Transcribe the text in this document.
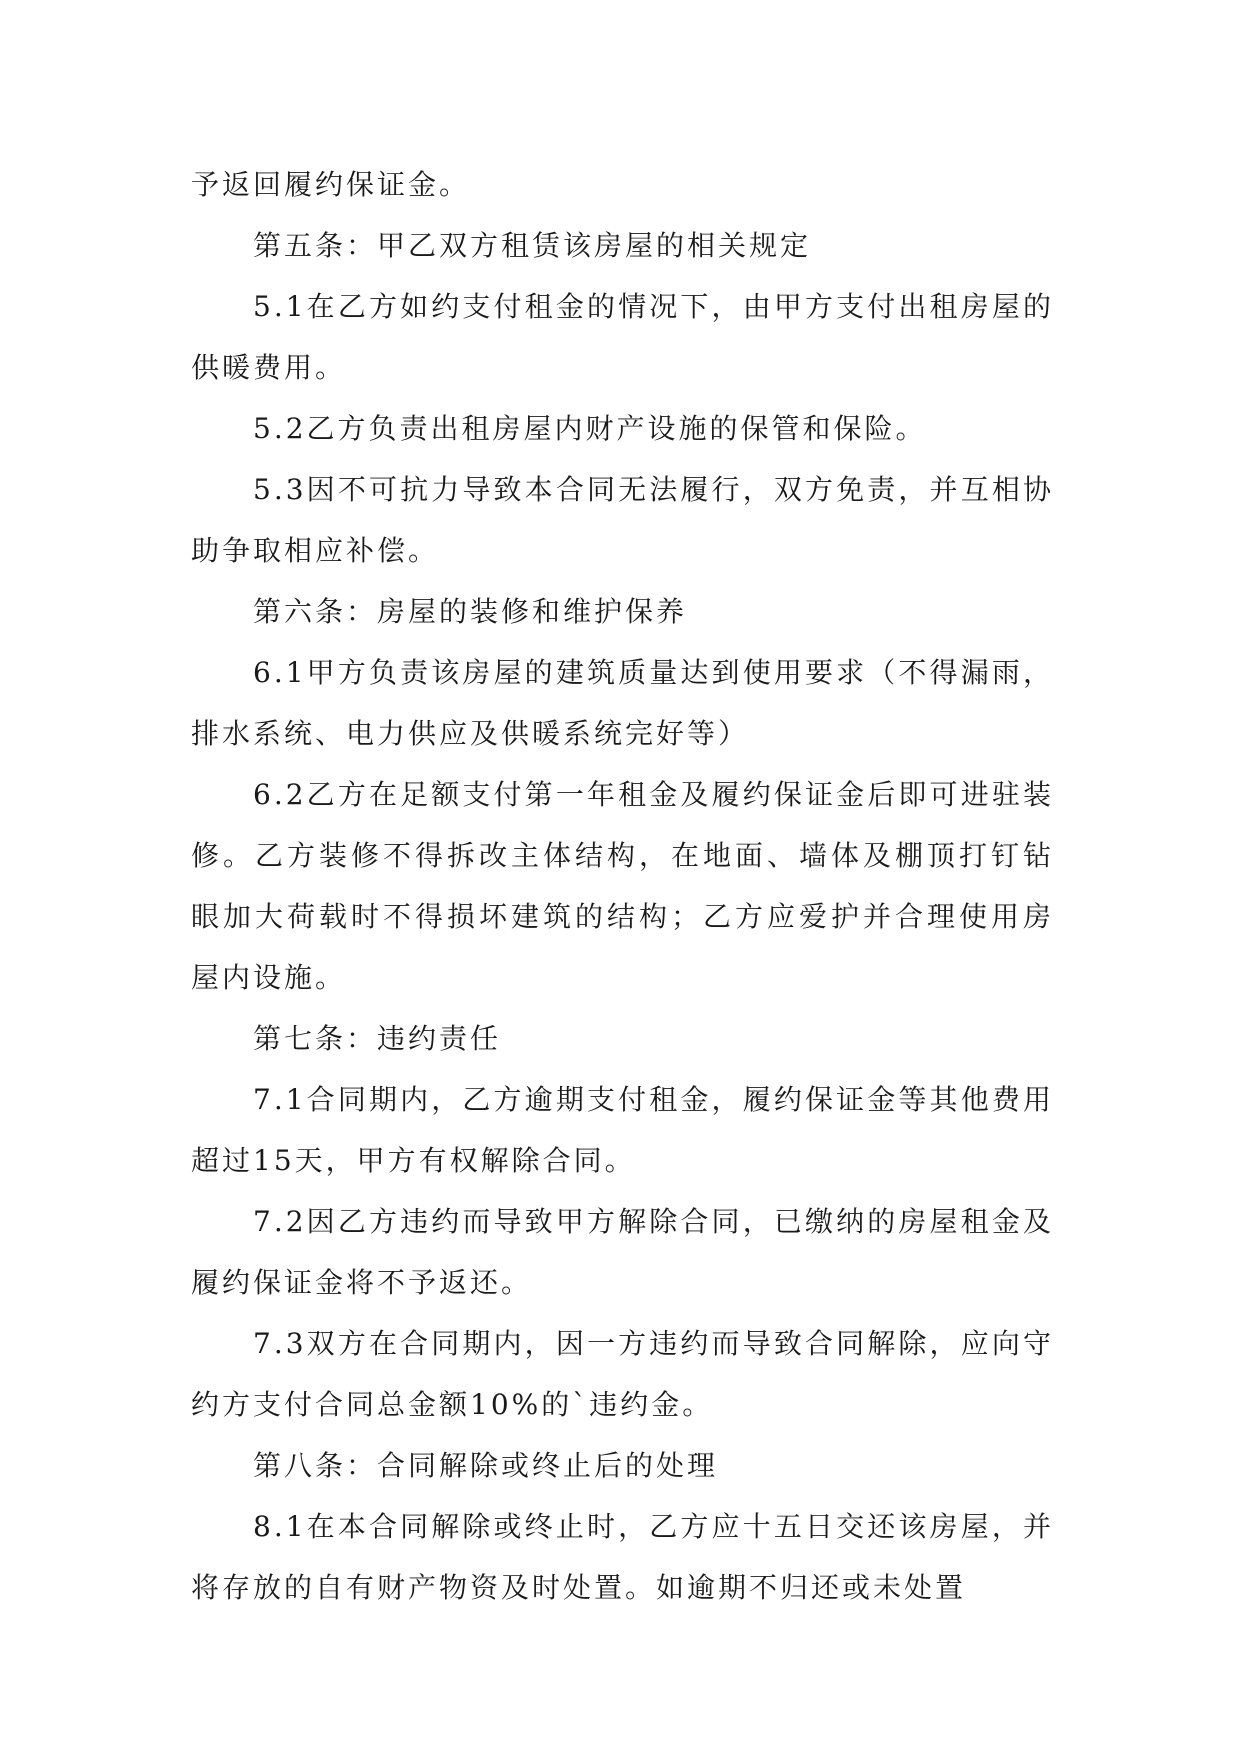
予返回履约保证金。

第五条：甲乙双方租赁该房屋的相关规定

5.1在乙方如约支付租金的情况下，由甲方支付出租房屋的供暖费用。

5.2乙方负责出租房屋内财产设施的保管和保险。

5.3因不可抗力导致本合同无法履行，双方免责，并互相协助争取相应补偿。

第六条：房屋的装修和维护保养

6.1甲方负责该房屋的建筑质量达到使用要求（不得漏雨，排水系统、电力供应及供暖系统完好等）

6.2乙方在足额支付第一年租金及履约保证金后即可进驻装修。乙方装修不得拆改主体结构，在地面、墙体及棚顶打钉钻眼加大荷载时不得损坏建筑的结构；乙方应爱护并合理使用房屋内设施。

第七条：违约责任

7.1合同期内，乙方逾期支付租金，履约保证金等其他费用超过15天，甲方有权解除合同。

7.2因乙方违约而导致甲方解除合同，已缴纳的房屋租金及履约保证金将不予返还。

7.3双方在合同期内，因一方违约而导致合同解除，应向守约方支付合同总金额10%的`违约金。

第八条：合同解除或终止后的处理

8.1在本合同解除或终止时，乙方应十五日交还该房屋，并将存放的自有财产物资及时处置。如逾期不归还或未处置
